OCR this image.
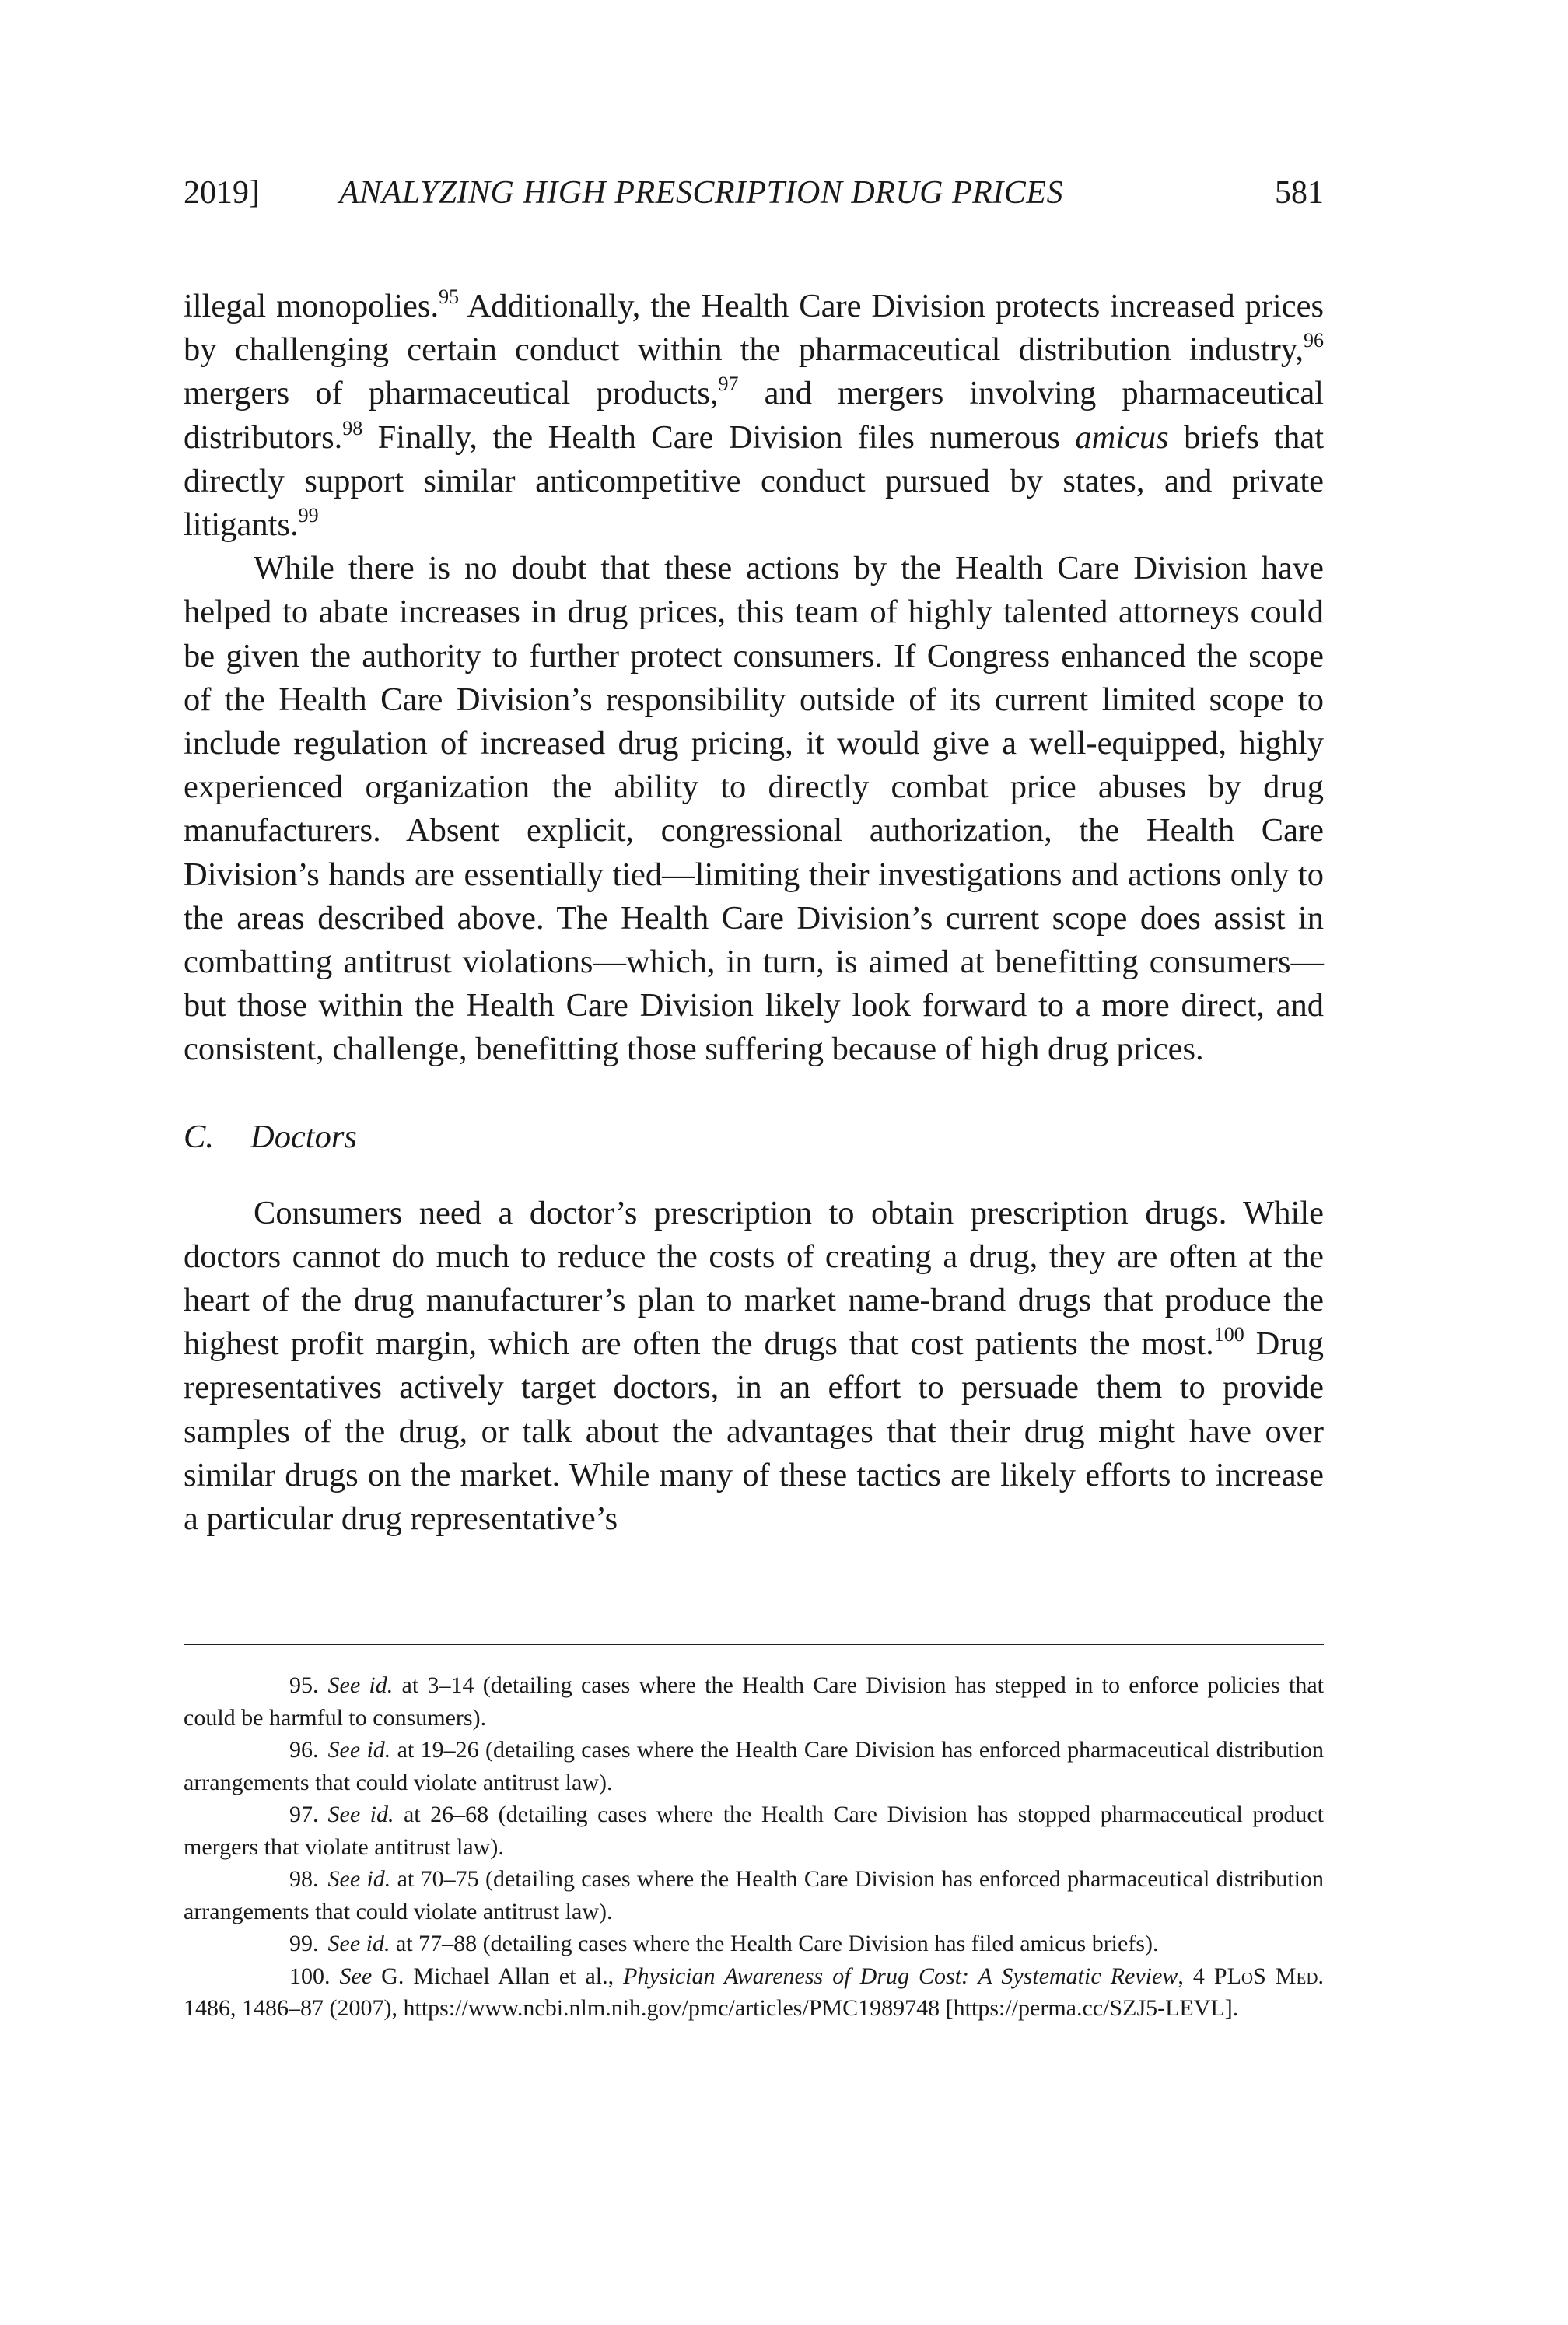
2019] ANALYZING HIGH PRESCRIPTION DRUG PRICES	581

illegal monopolies.$^{95}$ Additionally, the Health Care Division protects increased prices by challenging certain conduct within the pharmaceutical distribution industry,$^{96}$ mergers of pharmaceutical products,$^{97}$ and mergers involving pharmaceutical distributors.$^{98}$ Finally, the Health Care Division files numerous amicus briefs that directly support similar anticompetitive conduct pursued by states, and private litigants.$^{99}$

While there is no doubt that these actions by the Health Care Division have helped to abate increases in drug prices, this team of highly talented attorneys could be given the authority to further protect consumers. If Congress enhanced the scope of the Health Care Division’s responsibility outside of its current limited scope to include regulation of increased drug pricing, it would give a well-equipped, highly experienced organization the ability to directly combat price abuses by drug manufacturers. Absent explicit, congressional authorization, the Health Care Division’s hands are essentially tied—limiting their investigations and actions only to the areas described above. The Health Care Division’s current scope does assist in combatting antitrust violations—which, in turn, is aimed at benefitting consumers—but those within the Health Care Division likely look forward to a more direct, and consistent, challenge, benefitting those suffering because of high drug prices.

C. Doctors

Consumers need a doctor’s prescription to obtain prescription drugs. While doctors cannot do much to reduce the costs of creating a drug, they are often at the heart of the drug manufacturer’s plan to market name-brand drugs that produce the highest profit margin, which are often the drugs that cost patients the most.$^{100}$ Drug representatives actively target doctors, in an effort to persuade them to provide samples of the drug, or talk about the advantages that their drug might have over similar drugs on the market. While many of these tactics are likely efforts to increase a particular drug representative’s

95. See id. at 3–14 (detailing cases where the Health Care Division has stepped in to enforce policies that could be harmful to consumers).

96. See id. at 19–26 (detailing cases where the Health Care Division has enforced pharmaceutical distribution arrangements that could violate antitrust law).

97. See id. at 26–68 (detailing cases where the Health Care Division has stopped pharmaceutical product mergers that violate antitrust law).

98. See id. at 70–75 (detailing cases where the Health Care Division has enforced pharmaceutical distribution arrangements that could violate antitrust law).

99. See id. at 77–88 (detailing cases where the Health Care Division has filed amicus briefs).

100. See G. Michael Allan et al., Physician Awareness of Drug Cost: A Systematic Review, 4 PLoS Med. 1486, 1486–87 (2007), https://www.ncbi.nlm.nih.gov/pmc/articles/PMC1989748 [https://perma.cc/SZJ5-LEVL].
